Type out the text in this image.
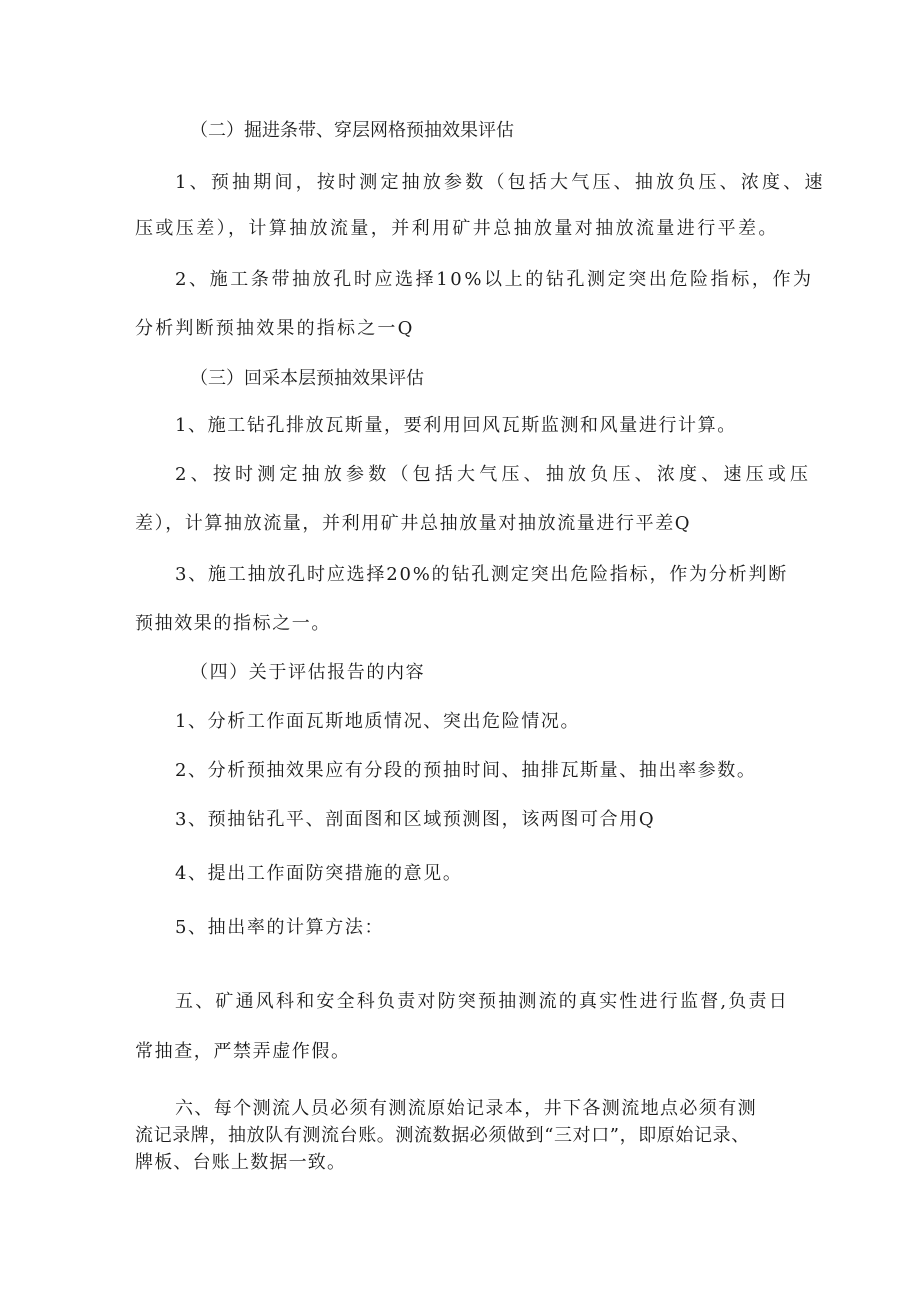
（二）掘进条带、穿层网格预抽效果评估

1、预抽期间，按时测定抽放参数（包括大气压、抽放负压、浓度、速

压或压差），计算抽放流量，并利用矿井总抽放量对抽放流量进行平差。

2、施工条带抽放孔时应选择10%以上的钻孔测定突出危险指标，作为

分析判断预抽效果的指标之一Q

（三）回采本层预抽效果评估

1、施工钻孔排放瓦斯量，要利用回风瓦斯监测和风量进行计算。

2、按时测定抽放参数（包括大气压、抽放负压、浓度、速压或压

差），计算抽放流量，并利用矿井总抽放量对抽放流量进行平差Q

3、施工抽放孔时应选择20%的钻孔测定突出危险指标，作为分析判断

预抽效果的指标之一。

（四）关于评估报告的内容

1、分析工作面瓦斯地质情况、突出危险情况。

2、分析预抽效果应有分段的预抽时间、抽排瓦斯量、抽出率参数。

3、预抽钻孔平、剖面图和区域预测图，该两图可合用Q

4、提出工作面防突措施的意见。

5、抽出率的计算方法：

五、矿通风科和安全科负责对防突预抽测流的真实性进行监督,负责日

常抽查，严禁弄虚作假。

六、每个测流人员必须有测流原始记录本，井下各测流地点必须有测

流记录牌，抽放队有测流台账。测流数据必须做到“三对口”，即原始记录、

牌板、台账上数据一致。
